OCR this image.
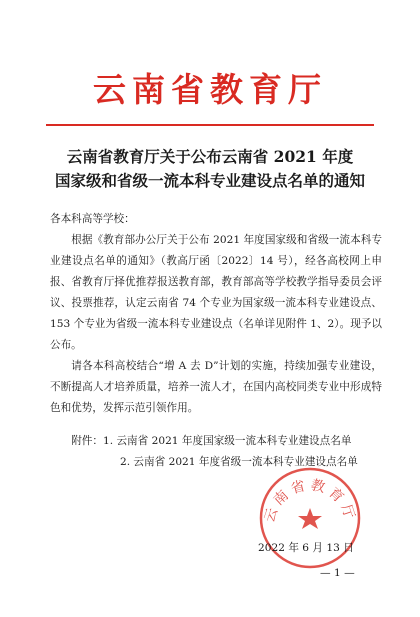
云南省教育厅
云南省教育厅关于公布云南省 2021 年度
国家级和省级一流本科专业建设点名单的通知

各本科高等学校：

根据《教育部办公厅关于公布 2021 年度国家级和省级一流本科专业建设点名单的通知》（教高厅函〔2022〕14 号），经各高校网上申报、省教育厅择优推荐报送教育部，教育部高等学校教学指导委员会评议、投票推荐，认定云南省 74 个专业为国家级一流本科专业建设点、153 个专业为省级一流本科专业建设点（名单详见附件 1、2）。现予以公布。

请各本科高校结合“增 A 去 D”计划的实施，持续加强专业建设，不断提高人才培养质量，培养一流人才，在国内高校同类专业中形成特色和优势，发挥示范引领作用。

附件：1. 云南省 2021 年度国家级一流本科专业建设点名单
2. 云南省 2021 年度省级一流本科专业建设点名单
云南省教育厅
2022 年 6 月 13 日
— 1 —
